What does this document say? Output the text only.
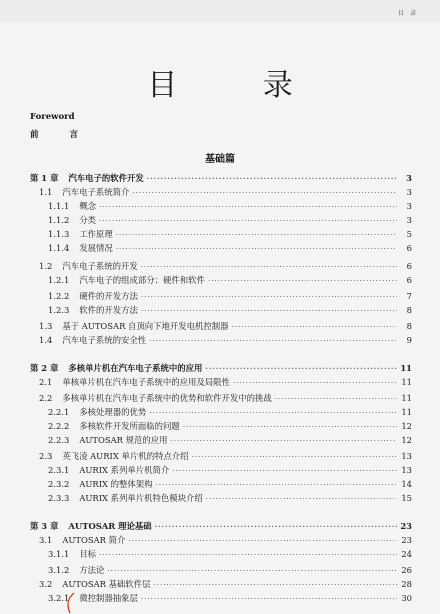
目 录
目 录
Foreword
前 言
基础篇
第 1 章 汽车电子的软件开发 ·····	3
1.1 汽车电子系统简介 ·····	3
1.1.1 概念 ·····	3
1.1.2 分类 ·····	3
1.1.3 工作原理 ·····	5
1.1.4 发展情况 ·····	6
1.2 汽车电子系统的开发 ·····	6
1.2.1 汽车电子的组成部分：硬件和软件 ·····	6
1.2.2 硬件的开发方法 ·····	7
1.2.3 软件的开发方法 ·····	8
1.3 基于 AUTOSAR 自顶向下地开发电机控制器 ·····	8
1.4 汽车电子系统的安全性 ·····	9
第 2 章 多核单片机在汽车电子系统中的应用 ·····	11
2.1 单核单片机在汽车电子系统中的应用及局限性 ·····	11
2.2 多核单片机在汽车电子系统中的优势和软件开发中的挑战 ·····	11
2.2.1 多核处理器的优势 ·····	11
2.2.2 多核软件开发所面临的问题 ·····	12
2.2.3 AUTOSAR 规范的应用 ·····	12
2.3 英飞凌 AURIX 单片机的特点介绍 ·····	13
2.3.1 AURIX 系列单片机简介 ·····	13
2.3.2 AURIX 的整体架构 ·····	14
2.3.3 AURIX 系列单片机特色模块介绍 ·····	15
第 3 章 AUTOSAR 理论基础 ·····	23
3.1 AUTOSAR 简介 ·····	23
3.1.1 目标 ·····	24
3.1.2 方法论 ·····	26
3.2 AUTOSAR 基础软件层 ·····	28
3.2.1 微控制器抽象层 ·····	30
